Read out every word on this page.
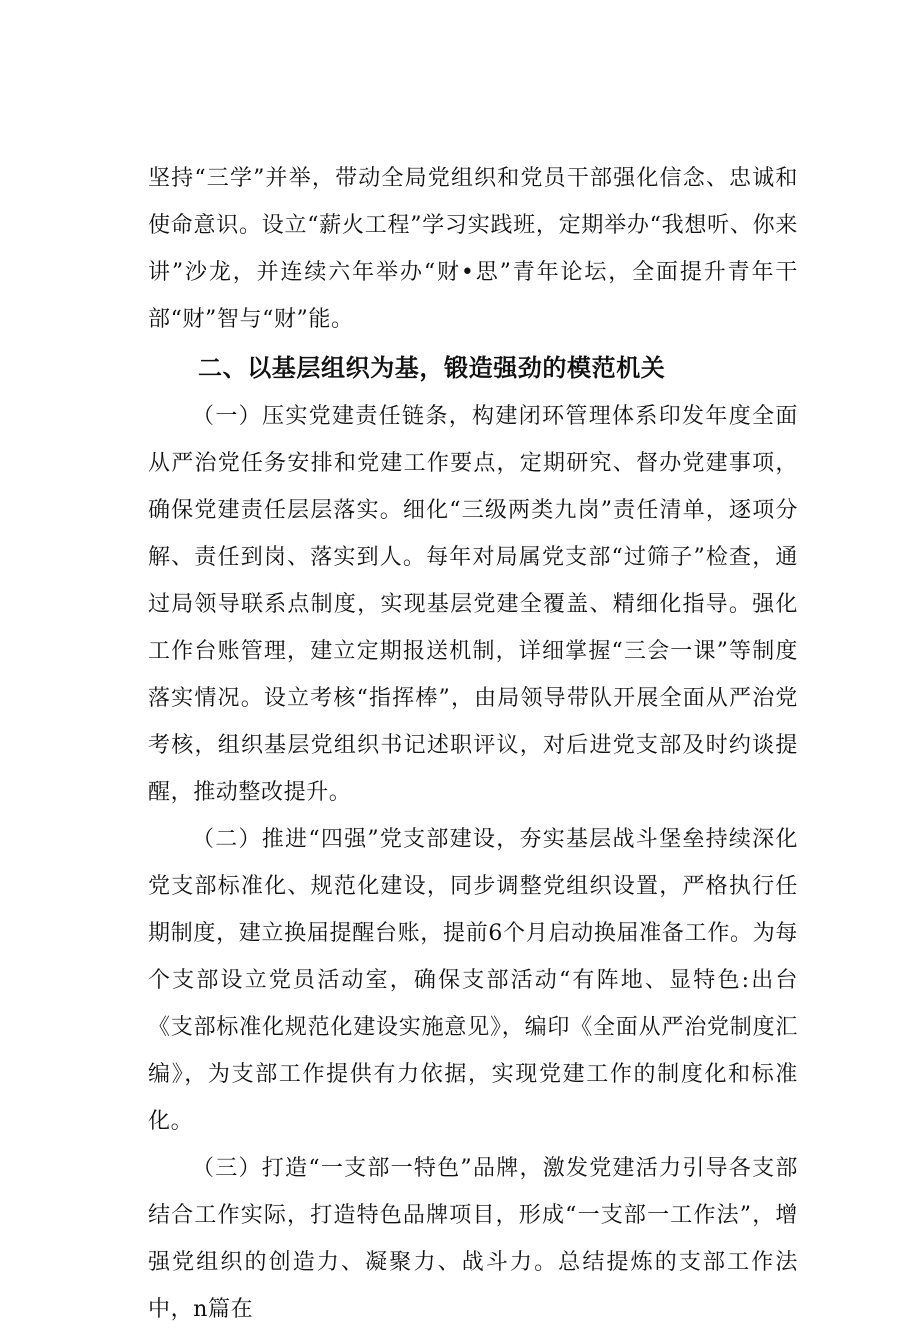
坚持“三学”并举，带动全局党组织和党员干部强化信念、忠诚和使命意识。设立“薪火工程”学习实践班，定期举办“我想听、你来讲”沙龙，并连续六年举办“财•思”青年论坛，全面提升青年干部“财”智与“财”能。

二、以基层组织为基，锻造强劲的模范机关

（一）压实党建责任链条，构建闭环管理体系印发年度全面从严治党任务安排和党建工作要点，定期研究、督办党建事项，确保党建责任层层落实。细化“三级两类九岗”责任清单，逐项分解、责任到岗、落实到人。每年对局属党支部“过筛子”检查，通过局领导联系点制度，实现基层党建全覆盖、精细化指导。强化工作台账管理，建立定期报送机制，详细掌握“三会一课”等制度落实情况。设立考核“指挥棒”，由局领导带队开展全面从严治党考核，组织基层党组织书记述职评议，对后进党支部及时约谈提醒，推动整改提升。

（二）推进“四强”党支部建设，夯实基层战斗堡垒持续深化党支部标准化、规范化建设，同步调整党组织设置，严格执行任期制度，建立换届提醒台账，提前6个月启动换届准备工作。为每个支部设立党员活动室，确保支部活动“有阵地、显特色:出台《支部标准化规范化建设实施意见》，编印《全面从严治党制度汇编》，为支部工作提供有力依据，实现党建工作的制度化和标准化。

（三）打造“一支部一特色”品牌，激发党建活力引导各支部结合工作实际，打造特色品牌项目，形成“一支部一工作法”，增强党组织的创造力、凝聚力、战斗力。总结提炼的支部工作法中，n篇在
